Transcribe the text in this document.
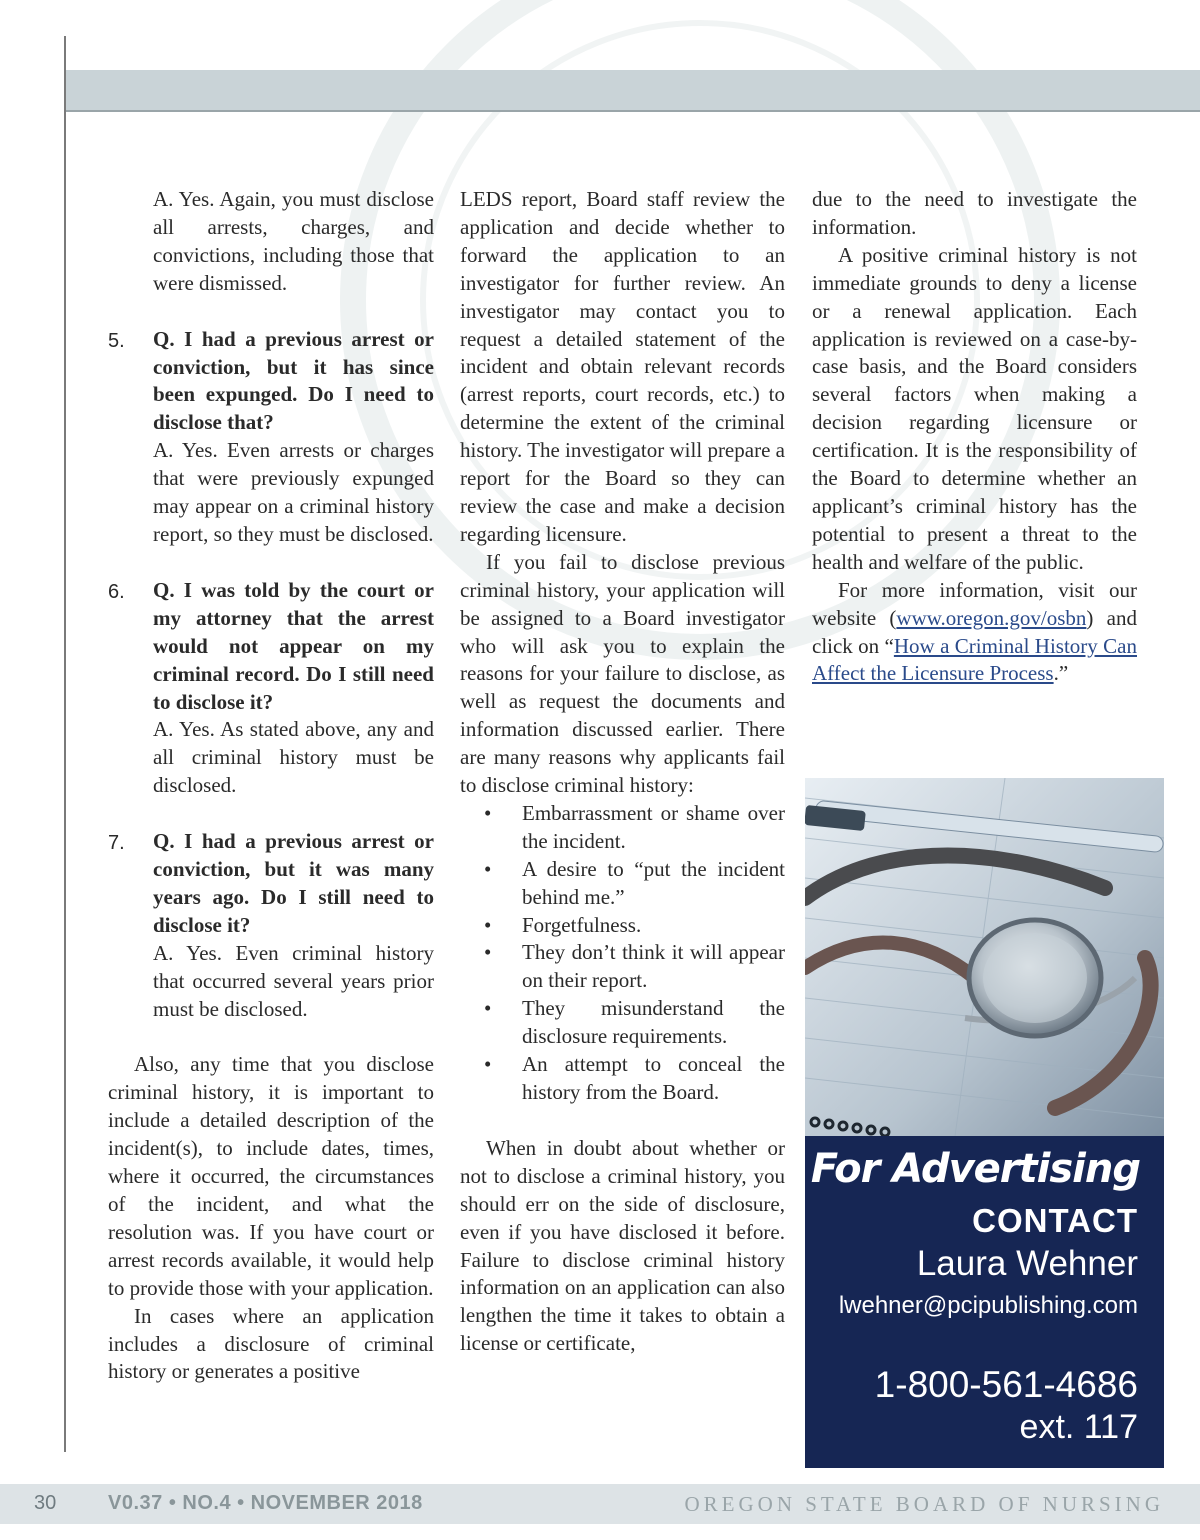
A. Yes. Again, you must disclose all arrests, charges, and convictions, including those that were dismissed.

5. Q. I had a previous arrest or conviction, but it has since been expunged. Do I need to disclose that?

A. Yes. Even arrests or charges that were previously expunged may appear on a criminal history report, so they must be disclosed.

6. Q. I was told by the court or my attorney that the arrest would not appear on my criminal record. Do I still need to disclose it?

A. Yes. As stated above, any and all criminal history must be disclosed.

7. Q. I had a previous arrest or conviction, but it was many years ago. Do I still need to disclose it?

A. Yes. Even criminal history that occurred several years prior must be disclosed.

Also, any time that you disclose criminal history, it is important to include a detailed description of the incident(s), to include dates, times, where it occurred, the circumstances of the incident, and what the resolution was. If you have court or arrest records available, it would help to provide those with your application.

In cases where an application includes a disclosure of criminal history or generates a positive

LEDS report, Board staff review the application and decide whether to forward the application to an investigator for further review. An investigator may contact you to request a detailed statement of the incident and obtain relevant records (arrest reports, court records, etc.) to determine the extent of the criminal history. The investigator will prepare a report for the Board so they can review the case and make a decision regarding licensure.

If you fail to disclose previous criminal history, your application will be assigned to a Board investigator who will ask you to explain the reasons for your failure to disclose, as well as request the documents and information discussed earlier. There are many reasons why applicants fail to disclose criminal history:

• Embarrassment or shame over the incident.
• A desire to “put the incident behind me.”
• Forgetfulness.
• They don’t think it will appear on their report.
• They misunderstand the disclosure requirements.
• An attempt to conceal the history from the Board.

When in doubt about whether or not to disclose a criminal history, you should err on the side of disclosure, even if you have disclosed it before. Failure to disclose criminal history information on an application can also lengthen the time it takes to obtain a license or certificate,

due to the need to investigate the information.

A positive criminal history is not immediate grounds to deny a license or a renewal application. Each application is reviewed on a case-by-case basis, and the Board considers several factors when making a decision regarding licensure or certification. It is the responsibility of the Board to determine whether an applicant’s criminal history has the potential to present a threat to the health and welfare of the public.

For more information, visit our website (www.oregon.gov/osbn) and click on “How a Criminal History Can Affect the Licensure Process.”

For Advertising
CONTACT
Laura Wehner
lwehner@pcipublishing.com
1-800-561-4686
ext. 117
30	V0.37 • NO.4 • NOVEMBER 2018	OREGON STATE BOARD OF NURSING
